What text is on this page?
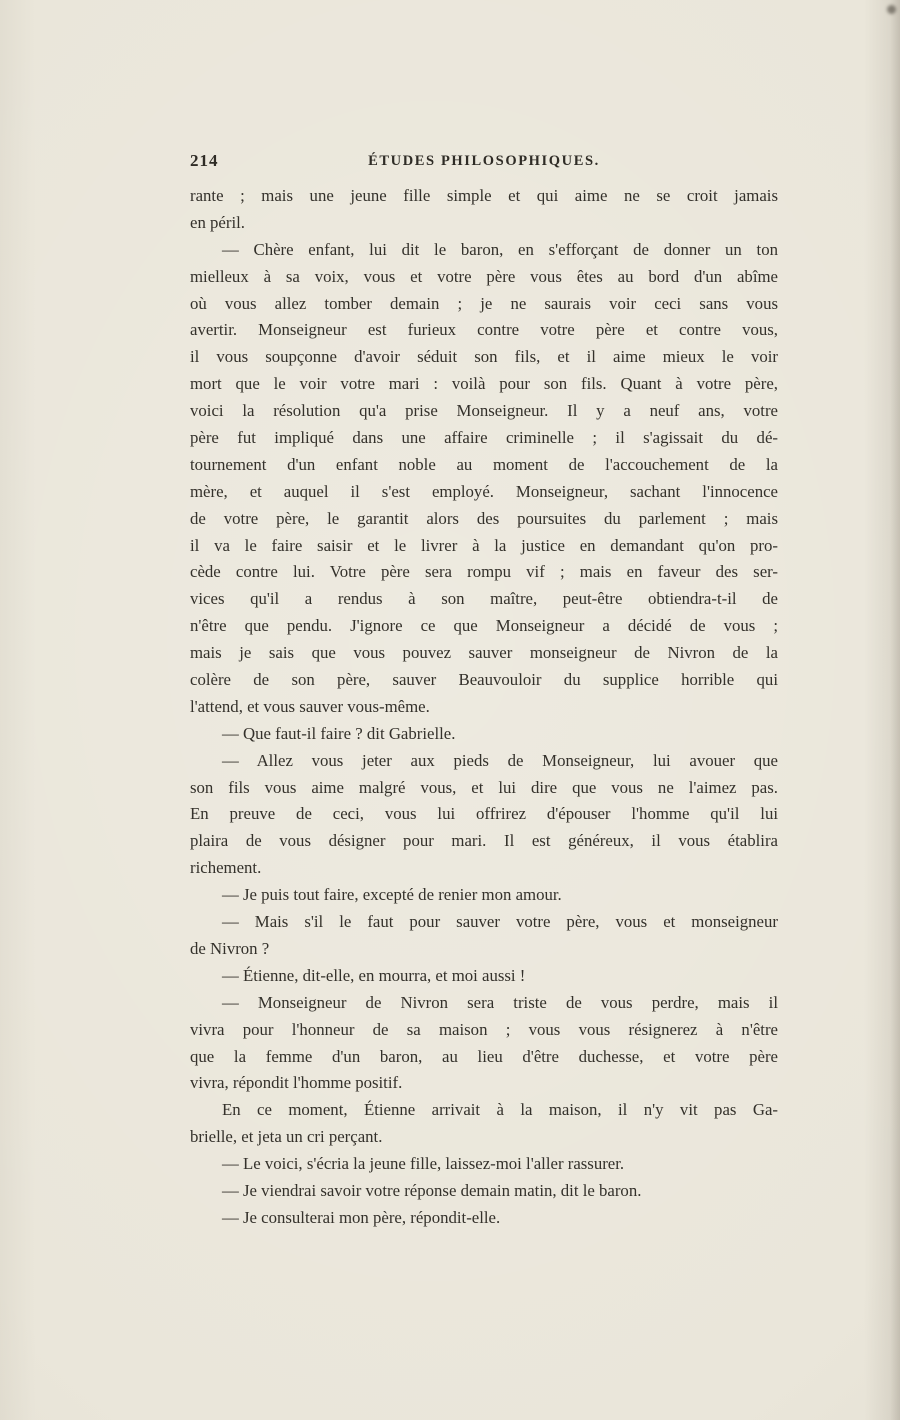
214	ÉTUDES PHILOSOPHIQUES.
rante ; mais une jeune fille simple et qui aime ne se croit jamais
en péril.
— Chère enfant, lui dit le baron, en s'efforçant de donner un ton
mielleux à sa voix, vous et votre père vous êtes au bord d'un abîme
où vous allez tomber demain ; je ne saurais voir ceci sans vous
avertir. Monseigneur est furieux contre votre père et contre vous,
il vous soupçonne d'avoir séduit son fils, et il aime mieux le voir
mort que le voir votre mari : voilà pour son fils. Quant à votre père,
voici la résolution qu'a prise Monseigneur. Il y a neuf ans, votre
père fut impliqué dans une affaire criminelle ; il s'agissait du dé-
tournement d'un enfant noble au moment de l'accouchement de la
mère, et auquel il s'est employé. Monseigneur, sachant l'innocence
de votre père, le garantit alors des poursuites du parlement ; mais
il va le faire saisir et le livrer à la justice en demandant qu'on pro-
cède contre lui. Votre père sera rompu vif ; mais en faveur des ser-
vices qu'il a rendus à son maître, peut-être obtiendra-t-il de
n'être que pendu. J'ignore ce que Monseigneur a décidé de vous ;
mais je sais que vous pouvez sauver monseigneur de Nivron de la
colère de son père, sauver Beauvouloir du supplice horrible qui
l'attend, et vous sauver vous-même.
— Que faut-il faire ? dit Gabrielle.
— Allez vous jeter aux pieds de Monseigneur, lui avouer que
son fils vous aime malgré vous, et lui dire que vous ne l'aimez pas.
En preuve de ceci, vous lui offrirez d'épouser l'homme qu'il lui
plaira de vous désigner pour mari. Il est généreux, il vous établira
richement.
— Je puis tout faire, excepté de renier mon amour.
— Mais s'il le faut pour sauver votre père, vous et monseigneur
de Nivron ?
— Étienne, dit-elle, en mourra, et moi aussi !
— Monseigneur de Nivron sera triste de vous perdre, mais il
vivra pour l'honneur de sa maison ; vous vous résignerez à n'être
que la femme d'un baron, au lieu d'être duchesse, et votre père
vivra, répondit l'homme positif.
En ce moment, Étienne arrivait à la maison, il n'y vit pas Ga-
brielle, et jeta un cri perçant.
— Le voici, s'écria la jeune fille, laissez-moi l'aller rassurer.
— Je viendrai savoir votre réponse demain matin, dit le baron.
— Je consulterai mon père, répondit-elle.
